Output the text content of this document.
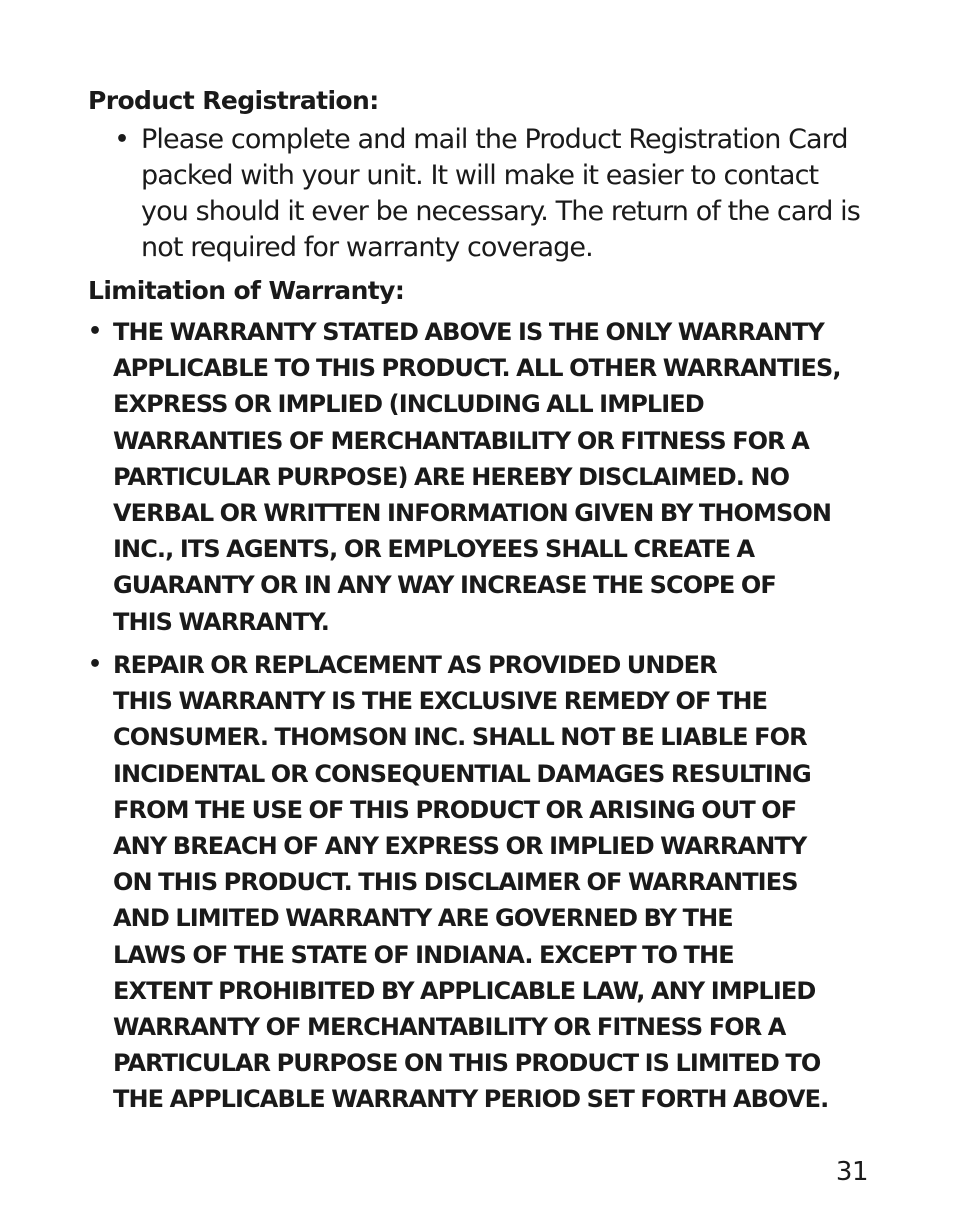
Product Registration:
• Please complete and mail the Product Registration Card
packed with your unit. It will make it easier to contact
you should it ever be necessary. The return of the card is
not required for warranty coverage.

Limitation of Warranty:
• THE WARRANTY STATED ABOVE IS THE ONLY WARRANTY
APPLICABLE TO THIS PRODUCT. ALL OTHER WARRANTIES,
EXPRESS OR IMPLIED (INCLUDING ALL IMPLIED
WARRANTIES OF MERCHANTABILITY OR FITNESS FOR A
PARTICULAR PURPOSE) ARE HEREBY DISCLAIMED. NO
VERBAL OR WRITTEN INFORMATION GIVEN BY THOMSON
INC., ITS AGENTS, OR EMPLOYEES SHALL CREATE A
GUARANTY OR IN ANY WAY INCREASE THE SCOPE OF
THIS WARRANTY.

• REPAIR OR REPLACEMENT AS PROVIDED UNDER
THIS WARRANTY IS THE EXCLUSIVE REMEDY OF THE
CONSUMER. THOMSON INC. SHALL NOT BE LIABLE FOR
INCIDENTAL OR CONSEQUENTIAL DAMAGES RESULTING
FROM THE USE OF THIS PRODUCT OR ARISING OUT OF
ANY BREACH OF ANY EXPRESS OR IMPLIED WARRANTY
ON THIS PRODUCT. THIS DISCLAIMER OF WARRANTIES
AND LIMITED WARRANTY ARE GOVERNED BY THE
LAWS OF THE STATE OF INDIANA. EXCEPT TO THE
EXTENT PROHIBITED BY APPLICABLE LAW, ANY IMPLIED
WARRANTY OF MERCHANTABILITY OR FITNESS FOR A
PARTICULAR PURPOSE ON THIS PRODUCT IS LIMITED TO
THE APPLICABLE WARRANTY PERIOD SET FORTH ABOVE.

31
